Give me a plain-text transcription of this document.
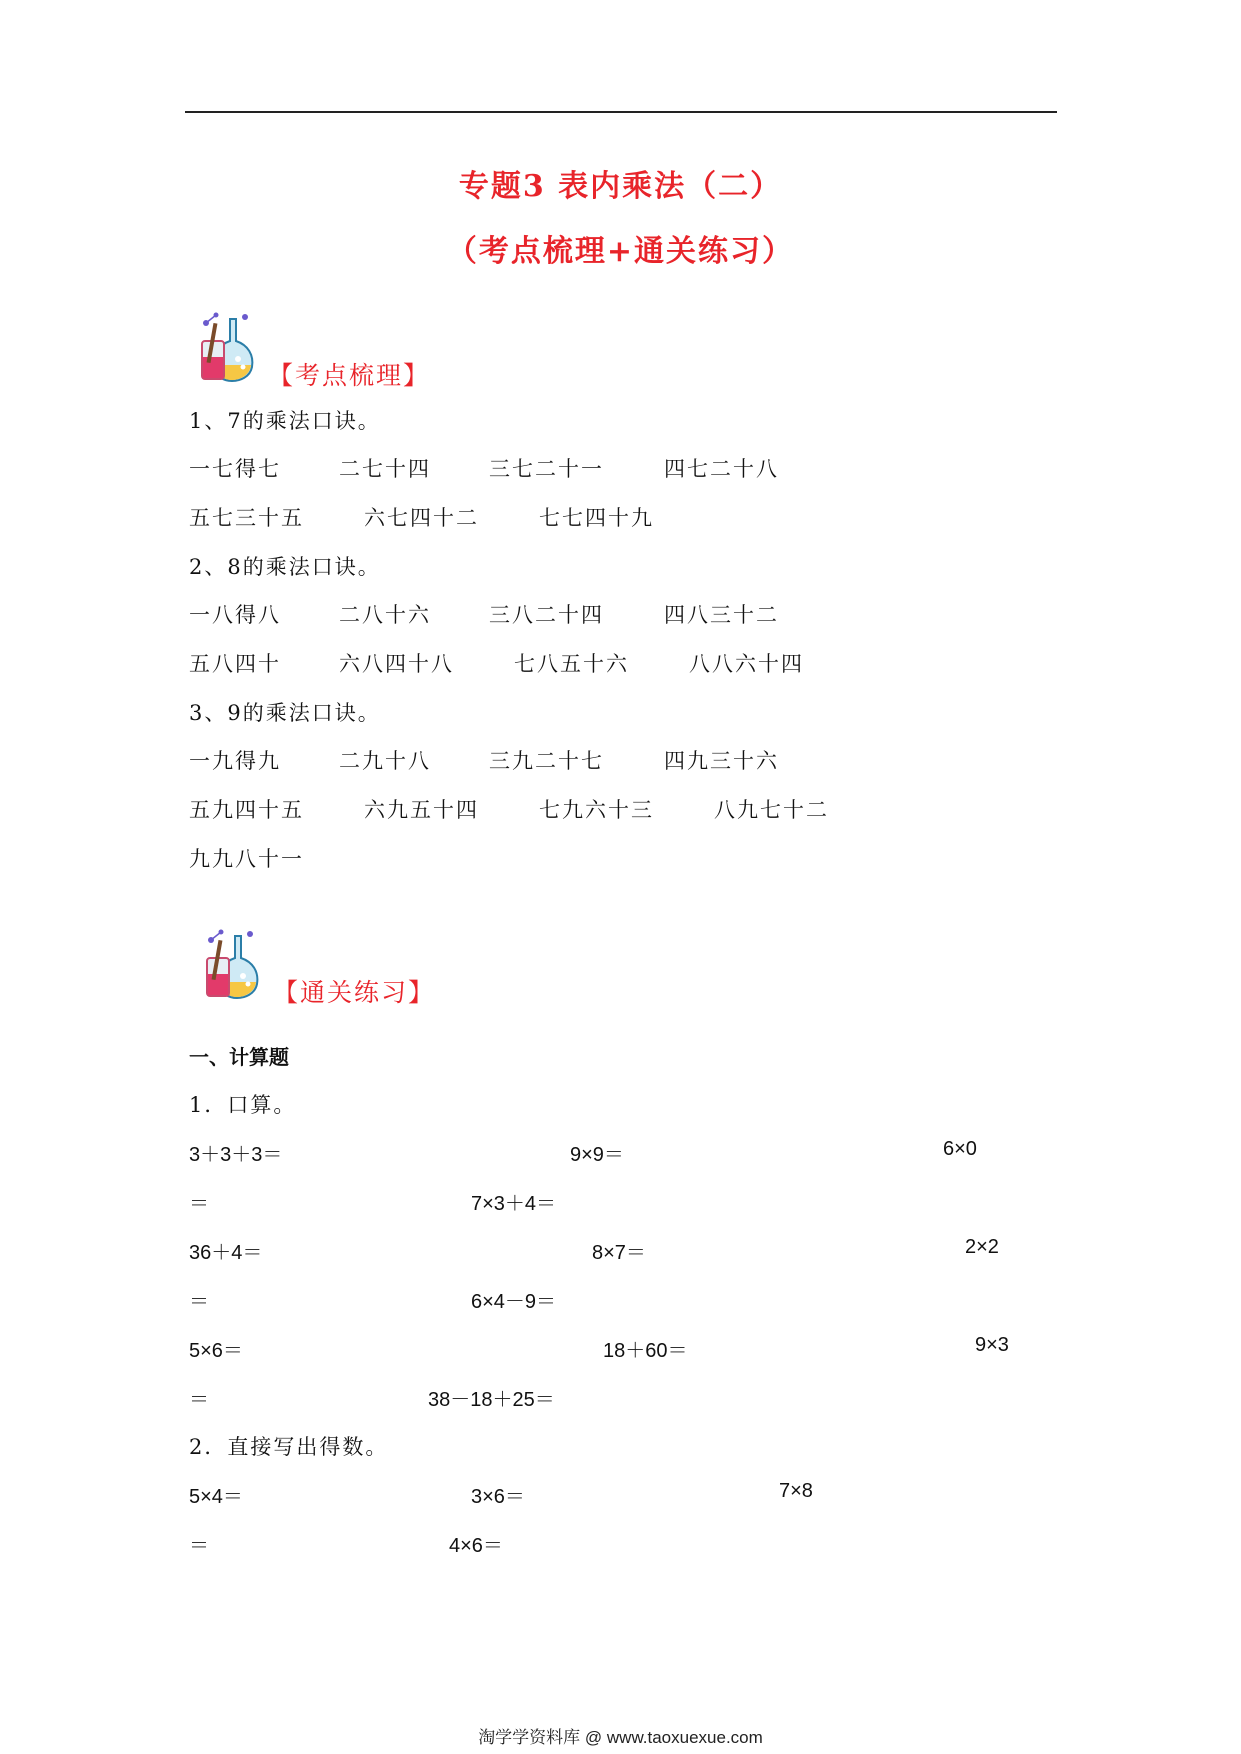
专题3 表内乘法（二）
（考点梳理+通关练习）
【考点梳理】
1、7的乘法口诀。
一七得七	二七十四	三七二十一	四七二十八
五七三十五	六七四十二	七七四十九
2、8的乘法口诀。
一八得八	二八十六	三八二十四	四八三十二
五八四十	六八四十八	七八五十六	八八六十四
3、9的乘法口诀。
一九得九	二九十八	三九二十七	四九三十六
五九四十五	六九五十四	七九六十三	八九七十二
九九八十一
【通关练习】
一、计算题
1．口算。
3＋3＋3＝	9×9＝	6×0
＝	7×3＋4＝
36＋4＝	8×7＝	2×2
＝	6×4－9＝
5×6＝	18＋60＝	9×3
＝	38－18＋25＝
2．直接写出得数。
5×4＝	3×6＝	7×8
＝	4×6＝
淘学学资料库 @ www.taoxuexue.com
